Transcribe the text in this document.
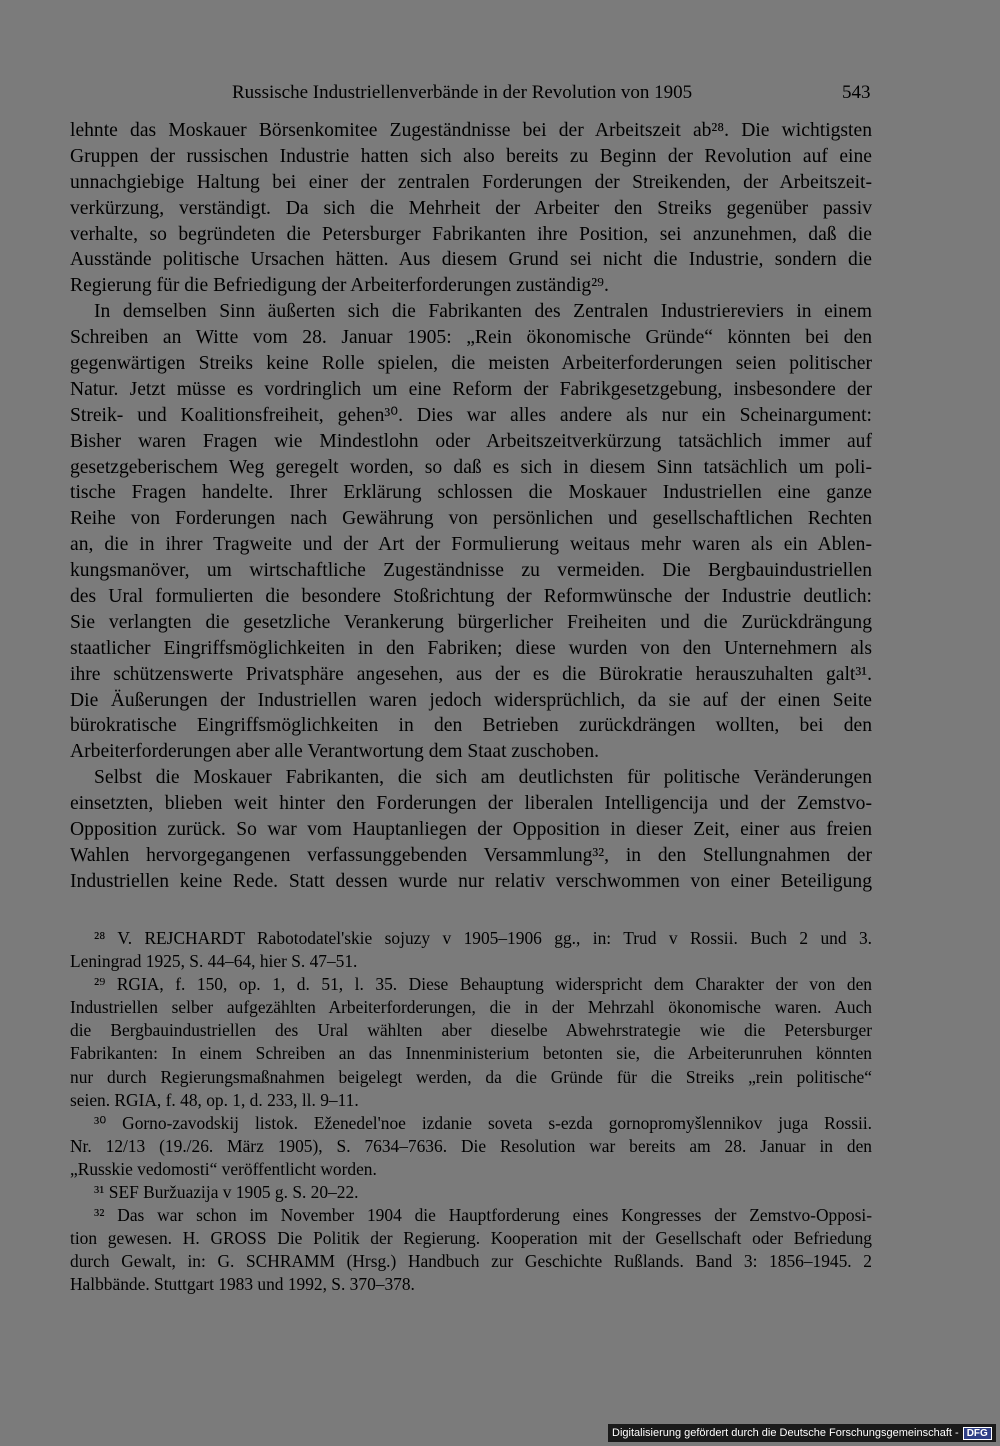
Russische Industriellenverbände in der Revolution von 1905	543
lehnte das Moskauer Börsenkomitee Zugeständnisse bei der Arbeitszeit ab²⁸. Die wichtigsten
Gruppen der russischen Industrie hatten sich also bereits zu Beginn der Revolution auf eine
unnachgiebige Haltung bei einer der zentralen Forderungen der Streikenden, der Arbeitszeit-
verkürzung, verständigt. Da sich die Mehrheit der Arbeiter den Streiks gegenüber passiv
verhalte, so begründeten die Petersburger Fabrikanten ihre Position, sei anzunehmen, daß die
Ausstände politische Ursachen hätten. Aus diesem Grund sei nicht die Industrie, sondern die
Regierung für die Befriedigung der Arbeiterforderungen zuständig²⁹.
In demselben Sinn äußerten sich die Fabrikanten des Zentralen Industriereviers in einem
Schreiben an Witte vom 28. Januar 1905: „Rein ökonomische Gründe“ könnten bei den
gegenwärtigen Streiks keine Rolle spielen, die meisten Arbeiterforderungen seien politischer
Natur. Jetzt müsse es vordringlich um eine Reform der Fabrikgesetzgebung, insbesondere der
Streik- und Koalitionsfreiheit, gehen³⁰. Dies war alles andere als nur ein Scheinargument:
Bisher waren Fragen wie Mindestlohn oder Arbeitszeitverkürzung tatsächlich immer auf
gesetzgeberischem Weg geregelt worden, so daß es sich in diesem Sinn tatsächlich um poli-
tische Fragen handelte. Ihrer Erklärung schlossen die Moskauer Industriellen eine ganze
Reihe von Forderungen nach Gewährung von persönlichen und gesellschaftlichen Rechten
an, die in ihrer Tragweite und der Art der Formulierung weitaus mehr waren als ein Ablen-
kungsmanöver, um wirtschaftliche Zugeständnisse zu vermeiden. Die Bergbauindustriellen
des Ural formulierten die besondere Stoßrichtung der Reformwünsche der Industrie deutlich:
Sie verlangten die gesetzliche Verankerung bürgerlicher Freiheiten und die Zurückdrängung
staatlicher Eingriffsmöglichkeiten in den Fabriken; diese wurden von den Unternehmern als
ihre schützenswerte Privatsphäre angesehen, aus der es die Bürokratie herauszuhalten galt³¹.
Die Äußerungen der Industriellen waren jedoch widersprüchlich, da sie auf der einen Seite
bürokratische Eingriffsmöglichkeiten in den Betrieben zurückdrängen wollten, bei den
Arbeiterforderungen aber alle Verantwortung dem Staat zuschoben.
Selbst die Moskauer Fabrikanten, die sich am deutlichsten für politische Veränderungen
einsetzten, blieben weit hinter den Forderungen der liberalen Intelligencija und der Zemstvo-
Opposition zurück. So war vom Hauptanliegen der Opposition in dieser Zeit, einer aus freien
Wahlen hervorgegangenen verfassunggebenden Versammlung³², in den Stellungnahmen der
Industriellen keine Rede. Statt dessen wurde nur relativ verschwommen von einer Beteiligung
²⁸ V. REJCHARDT Rabotodatel'skie sojuzy v 1905–1906 gg., in: Trud v Rossii. Buch 2 und 3.
Leningrad 1925, S. 44–64, hier S. 47–51.
²⁹ RGIA, f. 150, op. 1, d. 51, l. 35. Diese Behauptung widerspricht dem Charakter der von den
Industriellen selber aufgezählten Arbeiterforderungen, die in der Mehrzahl ökonomische waren. Auch
die Bergbauindustriellen des Ural wählten aber dieselbe Abwehrstrategie wie die Petersburger
Fabrikanten: In einem Schreiben an das Innenministerium betonten sie, die Arbeiterunruhen könnten
nur durch Regierungsmaßnahmen beigelegt werden, da die Gründe für die Streiks „rein politische“
seien. RGIA, f. 48, op. 1, d. 233, ll. 9–11.
³⁰ Gorno-zavodskij listok. Eženedel'noe izdanie soveta s-ezda gornopromyšlennikov juga Rossii.
Nr. 12/13 (19./26. März 1905), S. 7634–7636. Die Resolution war bereits am 28. Januar in den
„Russkie vedomosti“ veröffentlicht worden.
³¹ SEF Buržuazija v 1905 g. S. 20–22.
³² Das war schon im November 1904 die Hauptforderung eines Kongresses der Zemstvo-Opposi-
tion gewesen. H. GROSS Die Politik der Regierung. Kooperation mit der Gesellschaft oder Befriedung
durch Gewalt, in: G. SCHRAMM (Hrsg.) Handbuch zur Geschichte Rußlands. Band 3: 1856–1945. 2
Halbbände. Stuttgart 1983 und 1992, S. 370–378.
Digitalisierung gefördert durch die Deutsche Forschungsgemeinschaft - DFG
